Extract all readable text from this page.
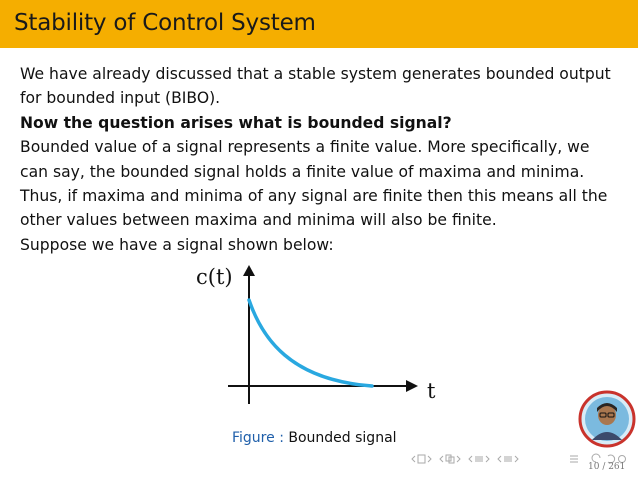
Stability of Control System

We have already discussed that a stable system generates bounded output for bounded input (BIBO).

Now the question arises what is bounded signal?

Bounded value of a signal represents a finite value. More specifically, we can say, the bounded signal holds a finite value of maxima and minima. Thus, if maxima and minima of any signal are finite then this means all the other values between maxima and minima will also be finite.

Suppose we have a signal shown below:

c(t)
t
Figure : Bounded signal
10 / 261
